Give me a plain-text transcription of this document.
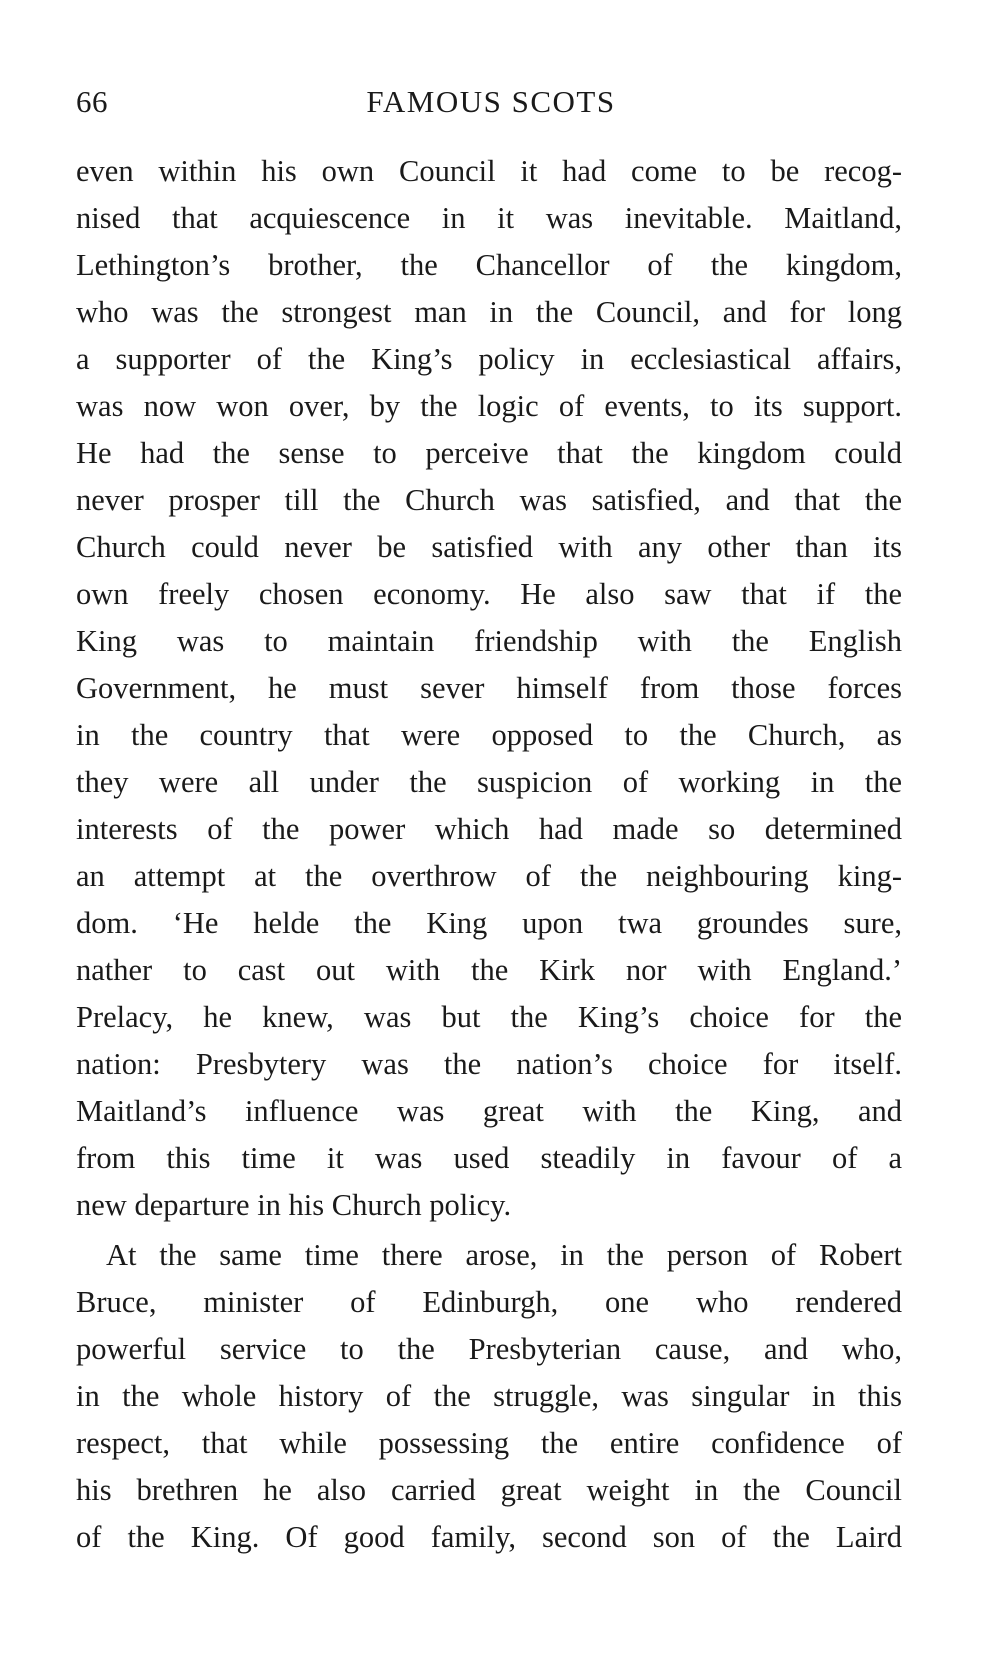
66	FAMOUS SCOTS
even within his own Council it had come to be recog-
nised that acquiescence in it was inevitable. Maitland,
Lethington’s brother, the Chancellor of the kingdom,
who was the strongest man in the Council, and for long
a supporter of the King’s policy in ecclesiastical affairs,
was now won over, by the logic of events, to its support.
He had the sense to perceive that the kingdom could
never prosper till the Church was satisfied, and that the
Church could never be satisfied with any other than its
own freely chosen economy. He also saw that if the
King was to maintain friendship with the English
Government, he must sever himself from those forces
in the country that were opposed to the Church, as
they were all under the suspicion of working in the
interests of the power which had made so determined
an attempt at the overthrow of the neighbouring king-
dom. ‘He helde the King upon twa groundes sure,
nather to cast out with the Kirk nor with England.’
Prelacy, he knew, was but the King’s choice for the
nation: Presbytery was the nation’s choice for itself.
Maitland’s influence was great with the King, and
from this time it was used steadily in favour of a
new departure in his Church policy.
At the same time there arose, in the person of Robert
Bruce, minister of Edinburgh, one who rendered
powerful service to the Presbyterian cause, and who,
in the whole history of the struggle, was singular in this
respect, that while possessing the entire confidence of
his brethren he also carried great weight in the Council
of the King. Of good family, second son of the Laird
